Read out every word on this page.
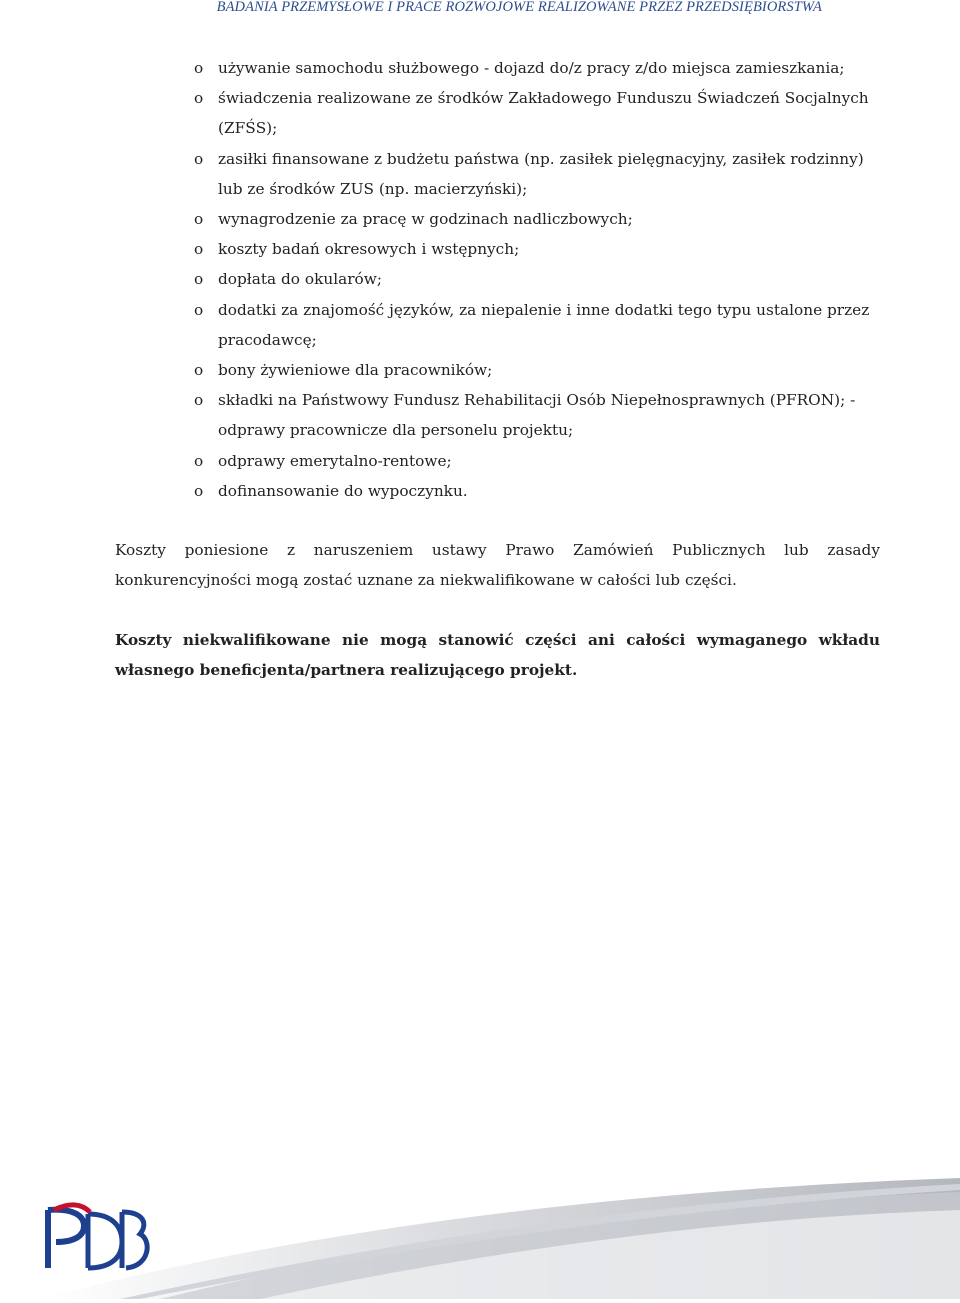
BADANIA PRZEMYSŁOWE I PRACE ROZWOJOWE REALIZOWANE PRZEZ PRZEDSIĘBIORSTWA
o używanie samochodu służbowego - dojazd do/z pracy z/do miejsca zamieszkania;
o świadczenia realizowane ze środków Zakładowego Funduszu Świadczeń Socjalnych (ZFŚS);
o zasiłki finansowane z budżetu państwa (np. zasiłek pielęgnacyjny, zasiłek rodzinny) lub ze środków ZUS (np. macierzyński);
o wynagrodzenie za pracę w godzinach nadliczbowych;
o koszty badań okresowych i wstępnych;
o dopłata do okularów;
o dodatki za znajomość języków, za niepalenie i inne dodatki tego typu ustalone przez pracodawcę;
o bony żywieniowe dla pracowników;
o składki na Państwowy Fundusz Rehabilitacji Osób Niepełnosprawnych (PFRON); - odprawy pracownicze dla personelu projektu;
o odprawy emerytalno-rentowe;
o dofinansowanie do wypoczynku.

Koszty poniesione z naruszeniem ustawy Prawo Zamówień Publicznych lub zasady konkurencyjności mogą zostać uznane za niekwalifikowane w całości lub części.

Koszty niekwalifikowane nie mogą stanowić części ani całości wymaganego wkładu własnego beneficjenta/partnera realizującego projekt.
